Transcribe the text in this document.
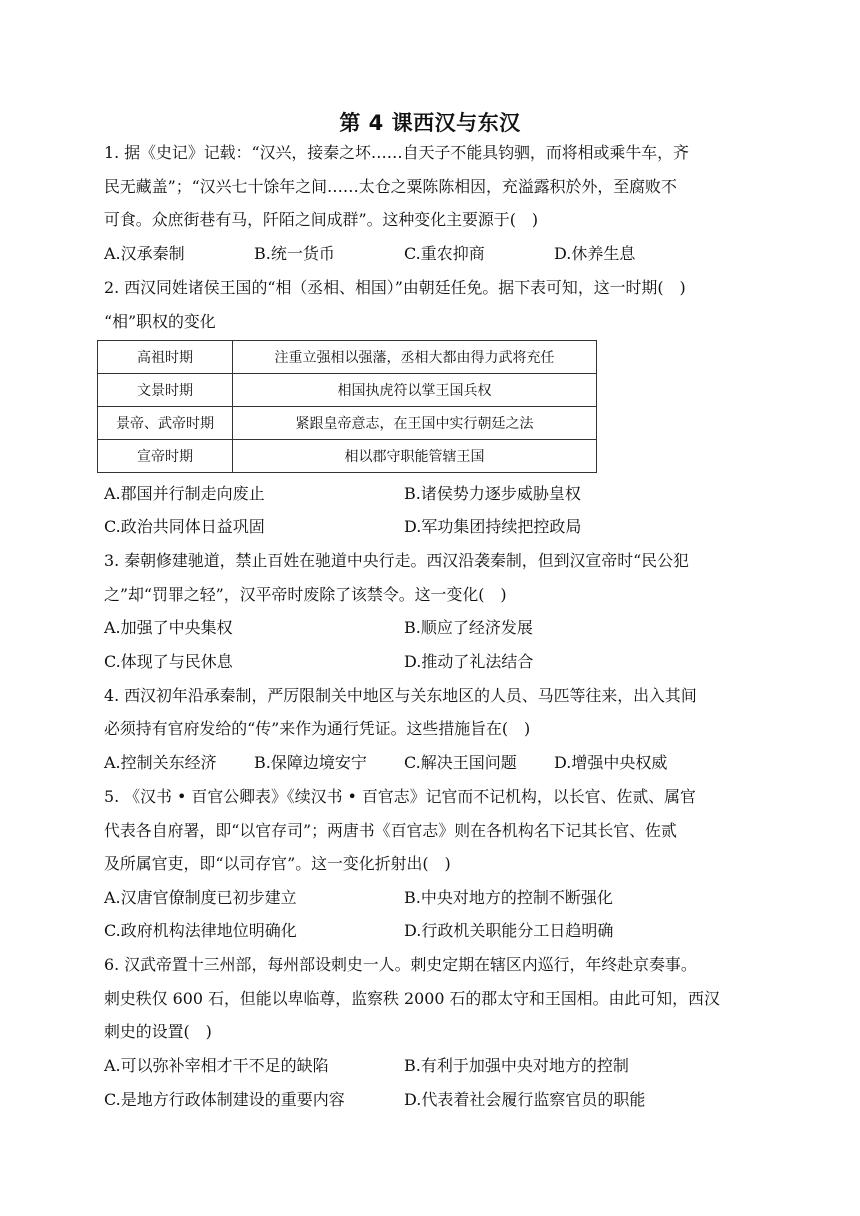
第 4 课西汉与东汉
1. 据《史记》记载：“汉兴，接秦之坏……自天子不能具钧驷，而将相或乘牛车，齐
民无藏盖”；“汉兴七十馀年之间……太仓之粟陈陈相因，充溢露积於外，至腐败不
可食。众庶街巷有马，阡陌之间成群”。这种变化主要源于(　)
A.汉承秦制	B.统一货币	C.重农抑商	D.休养生息
2. 西汉同姓诸侯王国的“相（丞相、相国）”由朝廷任免。据下表可知，这一时期(　)
“相”职权的变化
高祖时期	注重立强相以强藩，丞相大都由得力武将充任
文景时期	相国执虎符以掌王国兵权
景帝、武帝时期	紧跟皇帝意志，在王国中实行朝廷之法
宣帝时期	相以郡守职能管辖王国
A.郡国并行制走向废止	B.诸侯势力逐步威胁皇权
C.政治共同体日益巩固	D.军功集团持续把控政局
3. 秦朝修建驰道，禁止百姓在驰道中央行走。西汉沿袭秦制，但到汉宣帝时“民公犯
之”却“罚罪之轻”，汉平帝时废除了该禁令。这一变化(　)
A.加强了中央集权	B.顺应了经济发展
C.体现了与民休息	D.推动了礼法结合
4. 西汉初年沿承秦制，严厉限制关中地区与关东地区的人员、马匹等往来，出入其间
必须持有官府发给的“传”来作为通行凭证。这些措施旨在(　)
A.控制关东经济 B.保障边境安宁 C.解决王国问题 D.增强中央权威
5. 《汉书 • 百官公卿表》《续汉书 • 百官志》记官而不记机构，以长官、佐贰、属官
代表各自府署，即“以官存司”；两唐书《百官志》则在各机构名下记其长官、佐贰
及所属官吏，即“以司存官”。这一变化折射出(　)
A.汉唐官僚制度已初步建立	B.中央对地方的控制不断强化
C.政府机构法律地位明确化	D.行政机关职能分工日趋明确
6. 汉武帝置十三州部，每州部设刺史一人。刺史定期在辖区内巡行，年终赴京奏事。
刺史秩仅 600 石，但能以卑临尊，监察秩 2000 石的郡太守和王国相。由此可知，西汉
刺史的设置(　)
A.可以弥补宰相才干不足的缺陷	B.有利于加强中央对地方的控制
C.是地方行政体制建设的重要内容	D.代表着社会履行监察官员的职能
